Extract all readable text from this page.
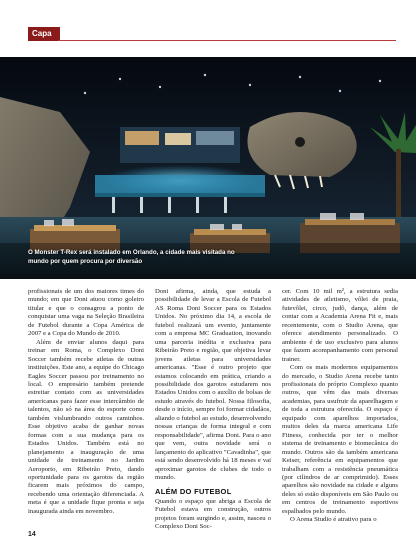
Capa
O Monster T-Rex será instalado em Orlando, a cidade mais visitada no mundo por quem procura por diversão

profissionais de um dos maiores times do mundo; em que Doni atuou como goleiro titular e que o consagrou a ponto de conquistar uma vaga na Seleção Brasileira de Futebol durante a Copa América de 2007 e a Copa do Mundo de 2010.

Além de enviar alunos daqui para treinar em Roma, o Complexo Doni Soccer também recebe atletas de outras instituições. Este ano, a equipe do Chicago Eagles Soccer passou por treinamento no local. O empresário também pretende estreitar contato com as universidades americanas para fazer esse intercâmbio de talentos, não só na área do esporte como também vislumbrando outros caminhos. Esse objetivo acaba de ganhar novas formas com a sua mudança para os Estados Unidos. Também está no planejamento a inauguração de uma unidade de treinamento no Jardim Aeroporto, em Ribeirão Preto, dando oportunidade para os garotos da região ficarem mais próximos do campo, recebendo uma orientação diferenciada. A meta é que a unidade fique pronta e seja inaugurada ainda em novembro.

Doni afirma, ainda, que estuda a possibilidade de levar a Escola de Futebol AS Roma Doni Soccer para os Estados Unidos. No próximo dia 14, a escola de futebol realizará um evento, juntamente com a empresa MC Graduation, inovando uma parceria inédita e exclusiva para Ribeirão Preto e região, que objetiva levar jovens atletas para universidades americanas. "Esse é outro projeto que estamos colocando em prática, criando a possibilidade dos garotos estudarem nos Estados Unidos com o auxílio de bolsas de estudo através do futebol. Nossa filosofia, desde o início, sempre foi formar cidadãos, aliando o futebol ao estudo, desenvolvendo nossas crianças de forma integral e com responsabilidade", afirma Doni. Para o ano que vem, outra novidade será o lançamento do aplicativo "Cavadinha", que está sendo desenvolvido há 18 meses e vai aproximar garotos de clubes de todo o mundo.

ALÉM DO FUTEBOL

Quando o espaço que abriga a Escola de Futebol estava em construção, outros projetos foram surgindo e, assim, nasceu o Complexo Doni Soc-

cer. Com 10 mil m², a estrutura sedia atividades de atletismo, vôlei de praia, futevôlei, circo, judô, dança, além de contar com a Academia Arena Fit e, mais recentemente, com o Studio Arena, que oferece atendimento personalizado. O ambiente é de uso exclusivo para alunos que fazem acompanhamento com personal trainer.

Com os mais modernos equipamentos do mercado, o Studio Arena recebe tanto profissionais do próprio Complexo quanto outros, que vêm das mais diversas academias, para usufruir da aparelhagem e de toda a estrutura oferecida. O espaço é equipado com aparelhos importados, muitos deles da marca americana Life Fitness, conhecida por ter o melhor sistema de treinamento e biomecânica do mundo. Outros são da também americana Keiser, referência em equipamentos que trabalham com a resistência pneumática (por cilindros de ar comprimido). Esses aparelhos são novidade na cidade e alguns deles só estão disponíveis em São Paulo ou em centros de treinamento esportivos espalhados pelo mundo.

O Arena Studio é atrativo para o

14
